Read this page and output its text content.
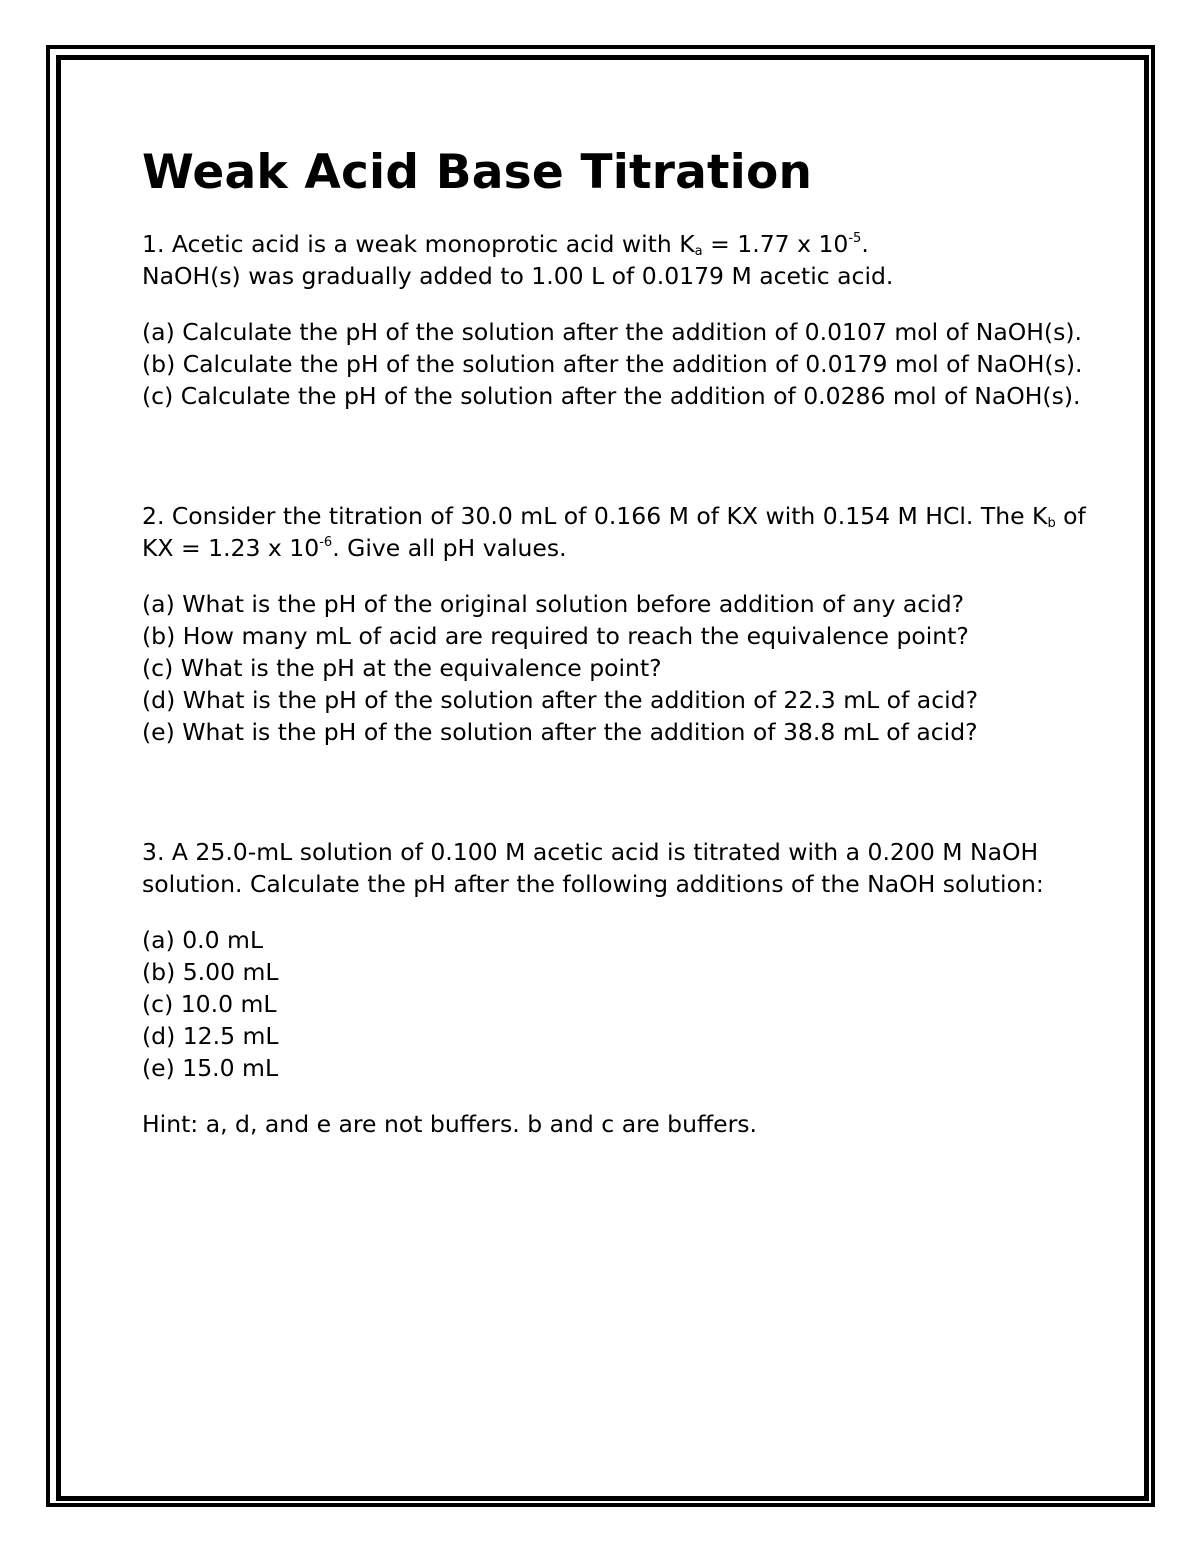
Weak Acid Base Titration

1. Acetic acid is a weak monoprotic acid with $K_a = 1.77$ x $10^{-5}$.

NaOH(s) was gradually added to 1.00 L of 0.0179 M acetic acid.

(a) Calculate the pH of the solution after the addition of 0.0107 mol of NaOH(s).

(b) Calculate the pH of the solution after the addition of 0.0179 mol of NaOH(s).

(c) Calculate the pH of the solution after the addition of 0.0286 mol of NaOH(s).

2. Consider the titration of 30.0 mL of 0.166 M of KX with 0.154 M HCl. The $K_b$ of KX = 1.23 x $10^{-6}$. Give all pH values.

(a) What is the pH of the original solution before addition of any acid?

(b) How many mL of acid are required to reach the equivalence point?

(c) What is the pH at the equivalence point?

(d) What is the pH of the solution after the addition of 22.3 mL of acid?

(e) What is the pH of the solution after the addition of 38.8 mL of acid?

3. A 25.0-mL solution of 0.100 M acetic acid is titrated with a 0.200 M NaOH solution. Calculate the pH after the following additions of the NaOH solution:

(a) 0.0 mL

(b) 5.00 mL

(c) 10.0 mL

(d) 12.5 mL

(e) 15.0 mL

Hint: a, d, and e are not buffers. b and c are buffers.
